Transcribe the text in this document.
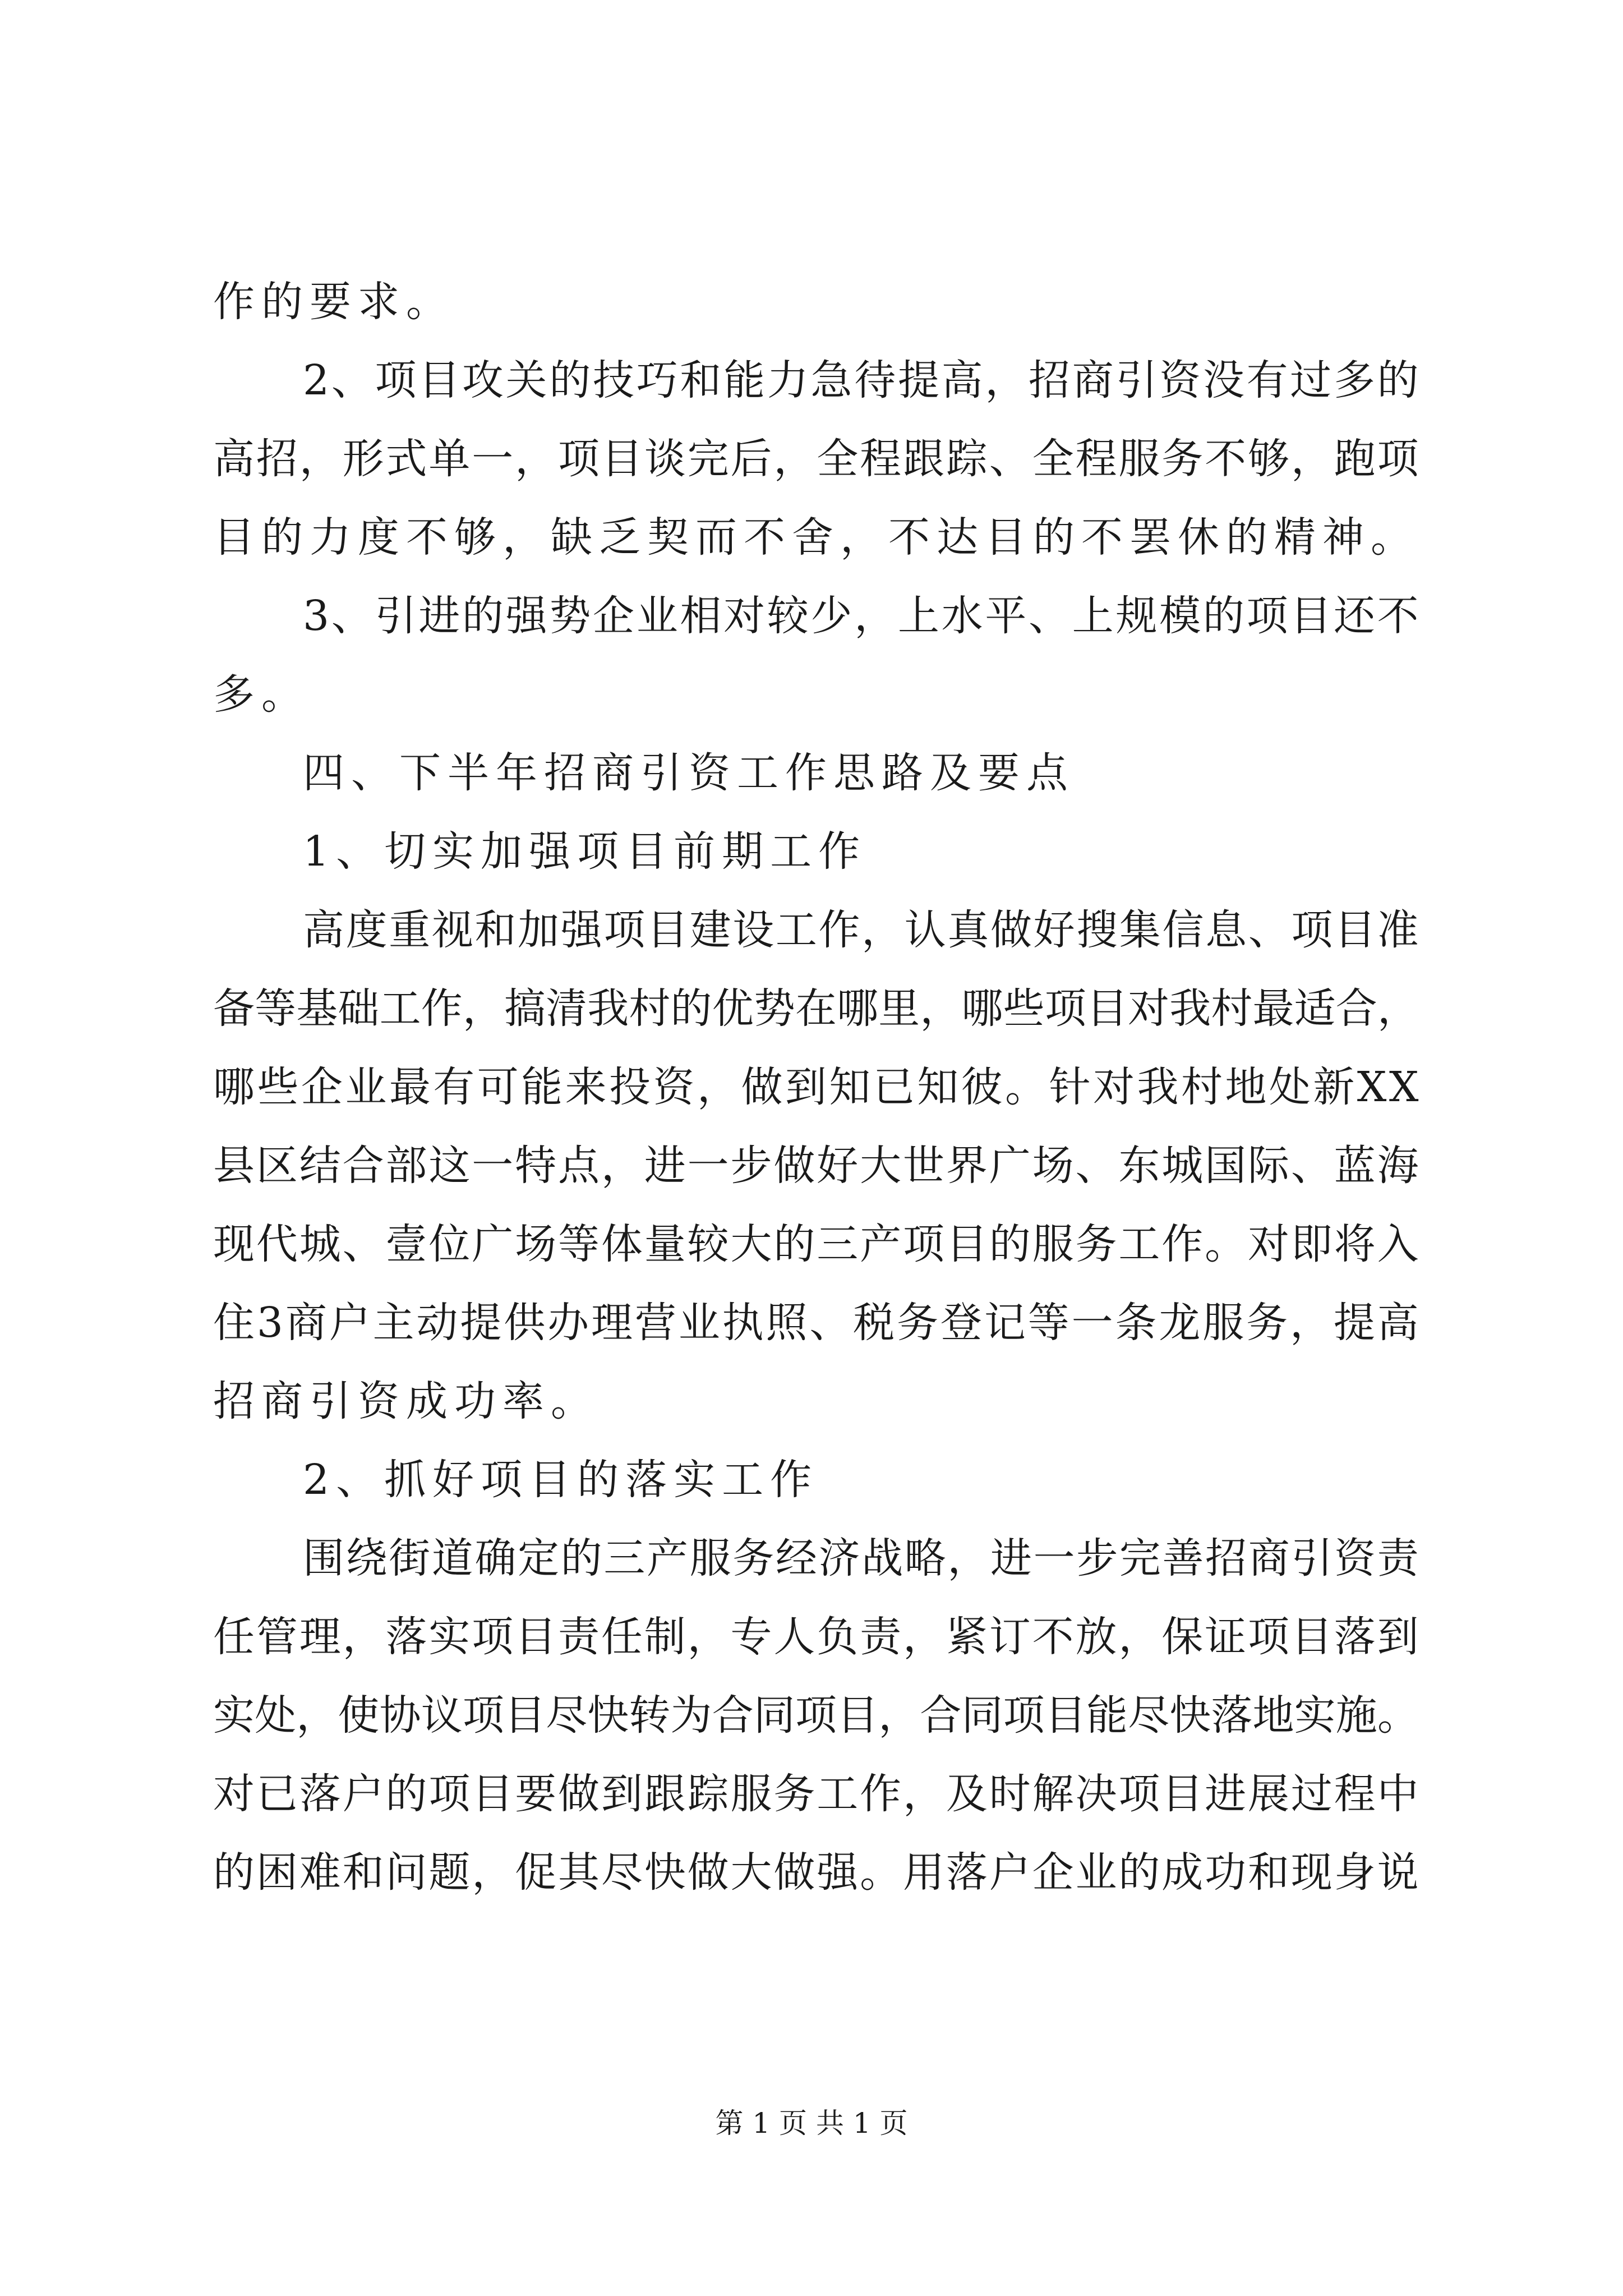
作的要求。
2 、 项 目 攻 关 的 技 巧 和 能 力 急 待 提 高 ， 招 商 引 资 没 有 过 多 的
高 招 ， 形 式 单 一 ， 项 目 谈 完 后 ， 全 程 跟 踪 、 全 程 服 务 不 够 ， 跑 项
目的力度不够，缺乏契而不舍，不达目的不罢休的精神。
3 、 引 进 的 强 势 企 业 相 对 较 少 ， 上 水 平 、 上 规 模 的 项 目 还 不
多。
四、下半年招商引资工作思路及要点
1、切实加强项目前期工作
高 度 重 视 和 加 强 项 目 建 设 工 作 ， 认 真 做 好 搜 集 信 息 、 项 目 准
备 等 基 础 工 作 ， 搞 清 我 村 的 优 势 在 哪 里 ， 哪 些 项 目 对 我 村 最 适 合 ，
哪 些 企 业 最 有 可 能 来 投 资 ， 做 到 知 已 知 彼 。 针 对 我 村 地 处 新 X X
县 区 结 合 部 这 一 特 点 ， 进 一 步 做 好 大 世 界 广 场 、 东 城 国 际 、 蓝 海
现 代 城 、 壹 位 广 场 等 体 量 较 大 的 三 产 项 目 的 服 务 工 作 。 对 即 将 入
住 3 商 户 主 动 提 供 办 理 营 业 执 照 、 税 务 登 记 等 一 条 龙 服 务 ， 提 高
招商引资成功率。
2、抓好项目的落实工作
围 绕 街 道 确 定 的 三 产 服 务 经 济 战 略 ， 进 一 步 完 善 招 商 引 资 责
任 管 理 ， 落 实 项 目 责 任 制 ， 专 人 负 责 ， 紧 订 不 放 ， 保 证 项 目 落 到
实 处 ， 使 协 议 项 目 尽 快 转 为 合 同 项 目 ， 合 同 项 目 能 尽 快 落 地 实 施 。
对 已 落 户 的 项 目 要 做 到 跟 踪 服 务 工 作 ， 及 时 解 决 项 目 进 展 过 程 中
的 困 难 和 问 题 ， 促 其 尽 快 做 大 做 强 。 用 落 户 企 业 的 成 功 和 现 身 说
第 1 页 共 1 页
